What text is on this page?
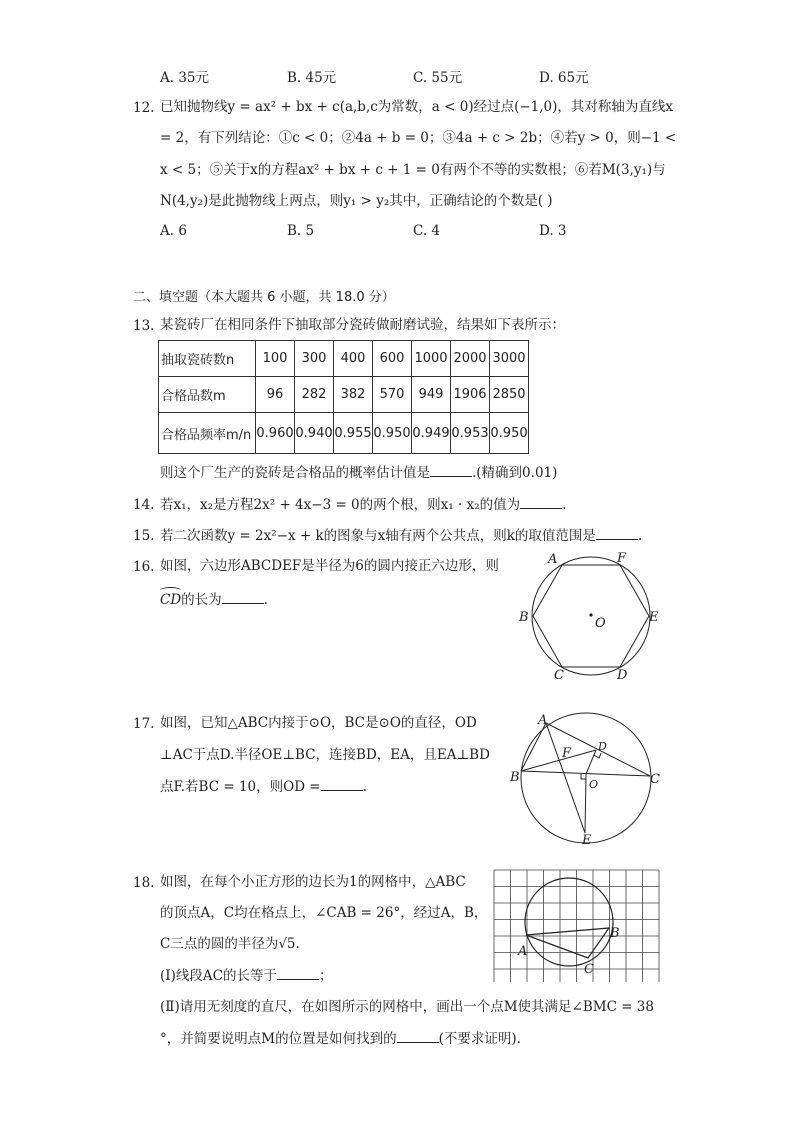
A. 35元	B. 45元	C. 55元	D. 65元
12. 已知抛物线y = ax² + bx + c(a,b,c为常数，a < 0)经过点(−1,0)，其对称轴为直线x
= 2，有下列结论：①c < 0；②4a + b = 0；③4a + c > 2b；④若y > 0，则−1 <
x < 5；⑤关于x的方程ax² + bx + c + 1 = 0有两个不等的实数根；⑥若M(3,y₁)与
N(4,y₂)是此抛物线上两点，则y₁ > y₂其中，正确结论的个数是( )
A. 6	B. 5	C. 4	D. 3
二、填空题（本大题共 6 小题，共 18.0 分）
13. 某瓷砖厂在相同条件下抽取部分瓷砖做耐磨试验，结果如下表所示：
抽取瓷砖数n	100	300	400	600	1000	2000	3000
合格品数m	96	282	382	570	949	1906	2850
合格品频率m/n	0.960	0.940	0.955	0.950	0.949	0.953	0.950
则这个厂生产的瓷砖是合格品的概率估计值是	.(精确到0.01)
14. 若x₁，x₂是方程2x² + 4x−3 = 0的两个根，则x₁ · x₂的值为	.
15. 若二次函数y = 2x²−x + k的图象与x轴有两个公共点，则k的取值范围是	.
16. 如图，六边形ABCDEF是半径为6的圆内接正六边形，则
CD的长为	.
A	F
B	O	E
C	D
17. 如图，已知△ABC内接于⊙O，BC是⊙O的直径，OD
⊥AC于点D.半径OE⊥BC，连接BD，EA，且EA⊥BD
点F.若BC = 10，则OD =	.
A
D
F
B	C
O
E
18. 如图，在每个小正方形的边长为1的网格中，△ABC
的顶点A，C均在格点上，∠CAB = 26°，经过A，B，
C三点的圆的半径为√5.
(Ⅰ)线段AC的长等于	；
(Ⅱ)请用无刻度的直尺，在如图所示的网格中，画出一个点M使其满足∠BMC = 38
°，并简要说明点M的位置是如何找到的	(不要求证明).
A
B
C
